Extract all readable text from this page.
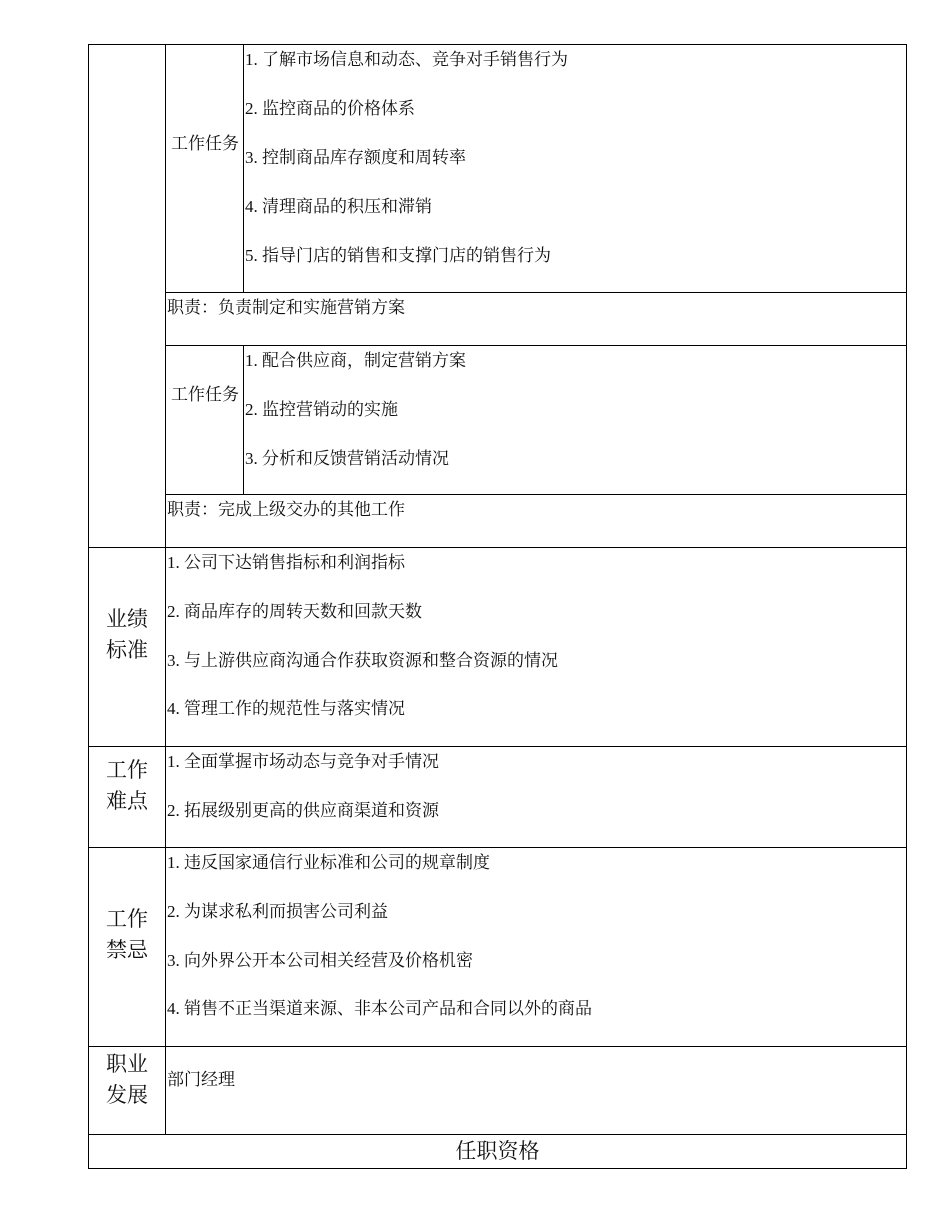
工作任务
1. 了解市场信息和动态、竞争对手销售行为
2. 监控商品的价格体系
3. 控制商品库存额度和周转率
4. 清理商品的积压和滞销
5. 指导门店的销售和支撑门店的销售行为
职责：负责制定和实施营销方案
工作任务
1. 配合供应商，制定营销方案
2. 监控营销动的实施
3. 分析和反馈营销活动情况
职责：完成上级交办的其他工作
业绩标准
1. 公司下达销售指标和利润指标
2. 商品库存的周转天数和回款天数
3. 与上游供应商沟通合作获取资源和整合资源的情况
4. 管理工作的规范性与落实情况
工作难点
1. 全面掌握市场动态与竞争对手情况
2. 拓展级别更高的供应商渠道和资源
工作禁忌
1. 违反国家通信行业标准和公司的规章制度
2. 为谋求私利而损害公司利益
3. 向外界公开本公司相关经营及价格机密
4. 销售不正当渠道来源、非本公司产品和合同以外的商品
职业发展
部门经理
任职资格
